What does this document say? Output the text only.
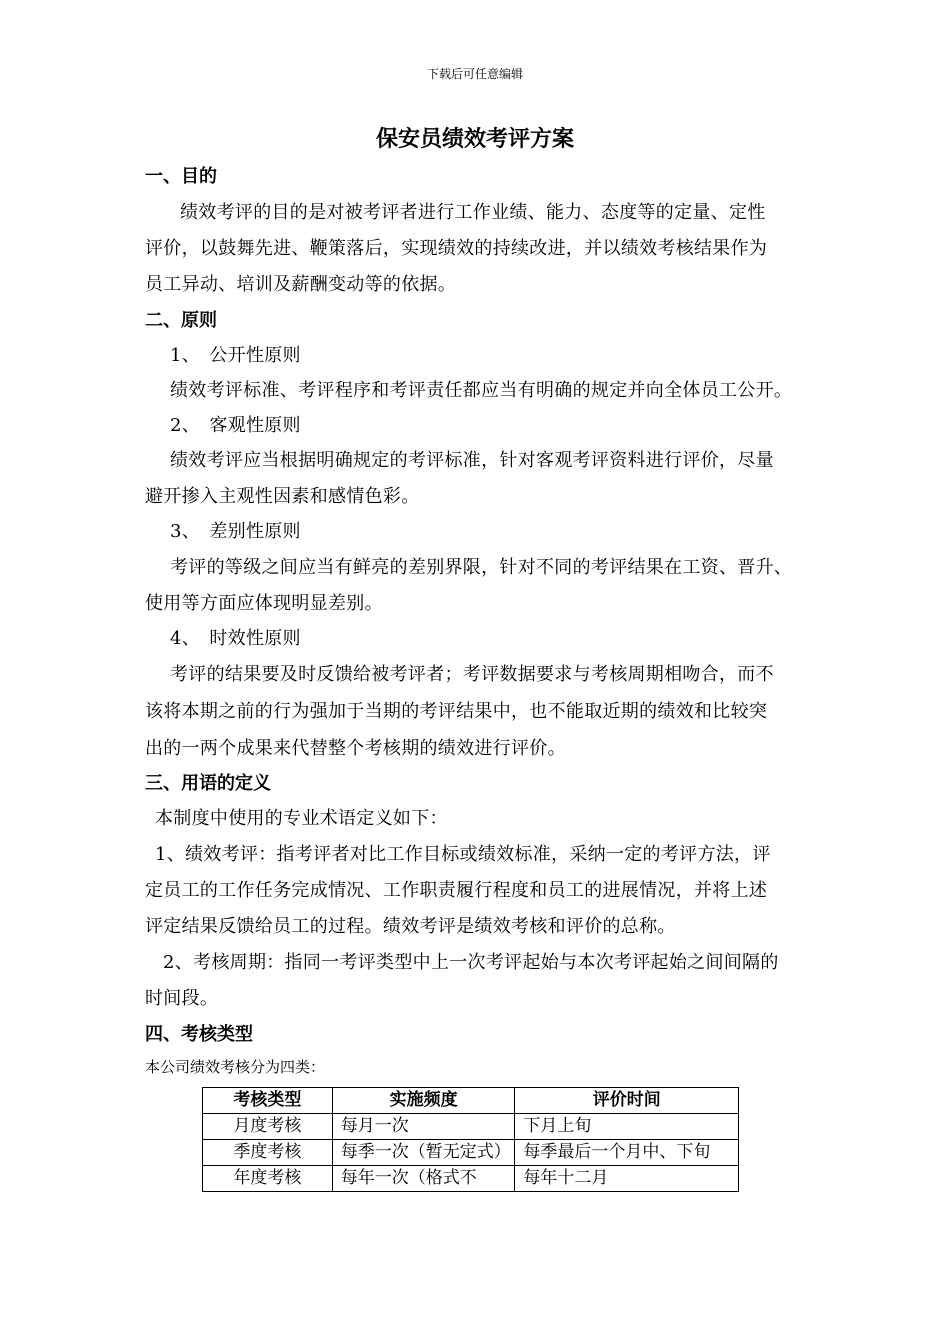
下载后可任意编辑
保安员绩效考评方案
一、目的
绩效考评的目的是对被考评者进行工作业绩、能力、态度等的定量、定性
评价，以鼓舞先进、鞭策落后，实现绩效的持续改进，并以绩效考核结果作为
员工异动、培训及薪酬变动等的依据。
二、原则
1、　公开性原则
绩效考评标准、考评程序和考评责任都应当有明确的规定并向全体员工公开。
2、　客观性原则
绩效考评应当根据明确规定的考评标准，针对客观考评资料进行评价，尽量
避开掺入主观性因素和感情色彩。
3、　差别性原则
考评的等级之间应当有鲜亮的差别界限，针对不同的考评结果在工资、晋升、
使用等方面应体现明显差别。
4、　时效性原则
考评的结果要及时反馈给被考评者；考评数据要求与考核周期相吻合，而不
该将本期之前的行为强加于当期的考评结果中，也不能取近期的绩效和比较突
出的一两个成果来代替整个考核期的绩效进行评价。
三、用语的定义
本制度中使用的专业术语定义如下：
1、绩效考评：指考评者对比工作目标或绩效标准，采纳一定的考评方法，评
定员工的工作任务完成情况、工作职责履行程度和员工的进展情况，并将上述
评定结果反馈给员工的过程。绩效考评是绩效考核和评价的总称。
2、考核周期：指同一考评类型中上一次考评起始与本次考评起始之间间隔的
时间段。
四、考核类型
本公司绩效考核分为四类：
考核类型	实施频度	评价时间
月度考核	每月一次	下月上旬
季度考核	每季一次（暂无定式）	每季最后一个月中、下旬
年度考核	每年一次（格式不	每年十二月
